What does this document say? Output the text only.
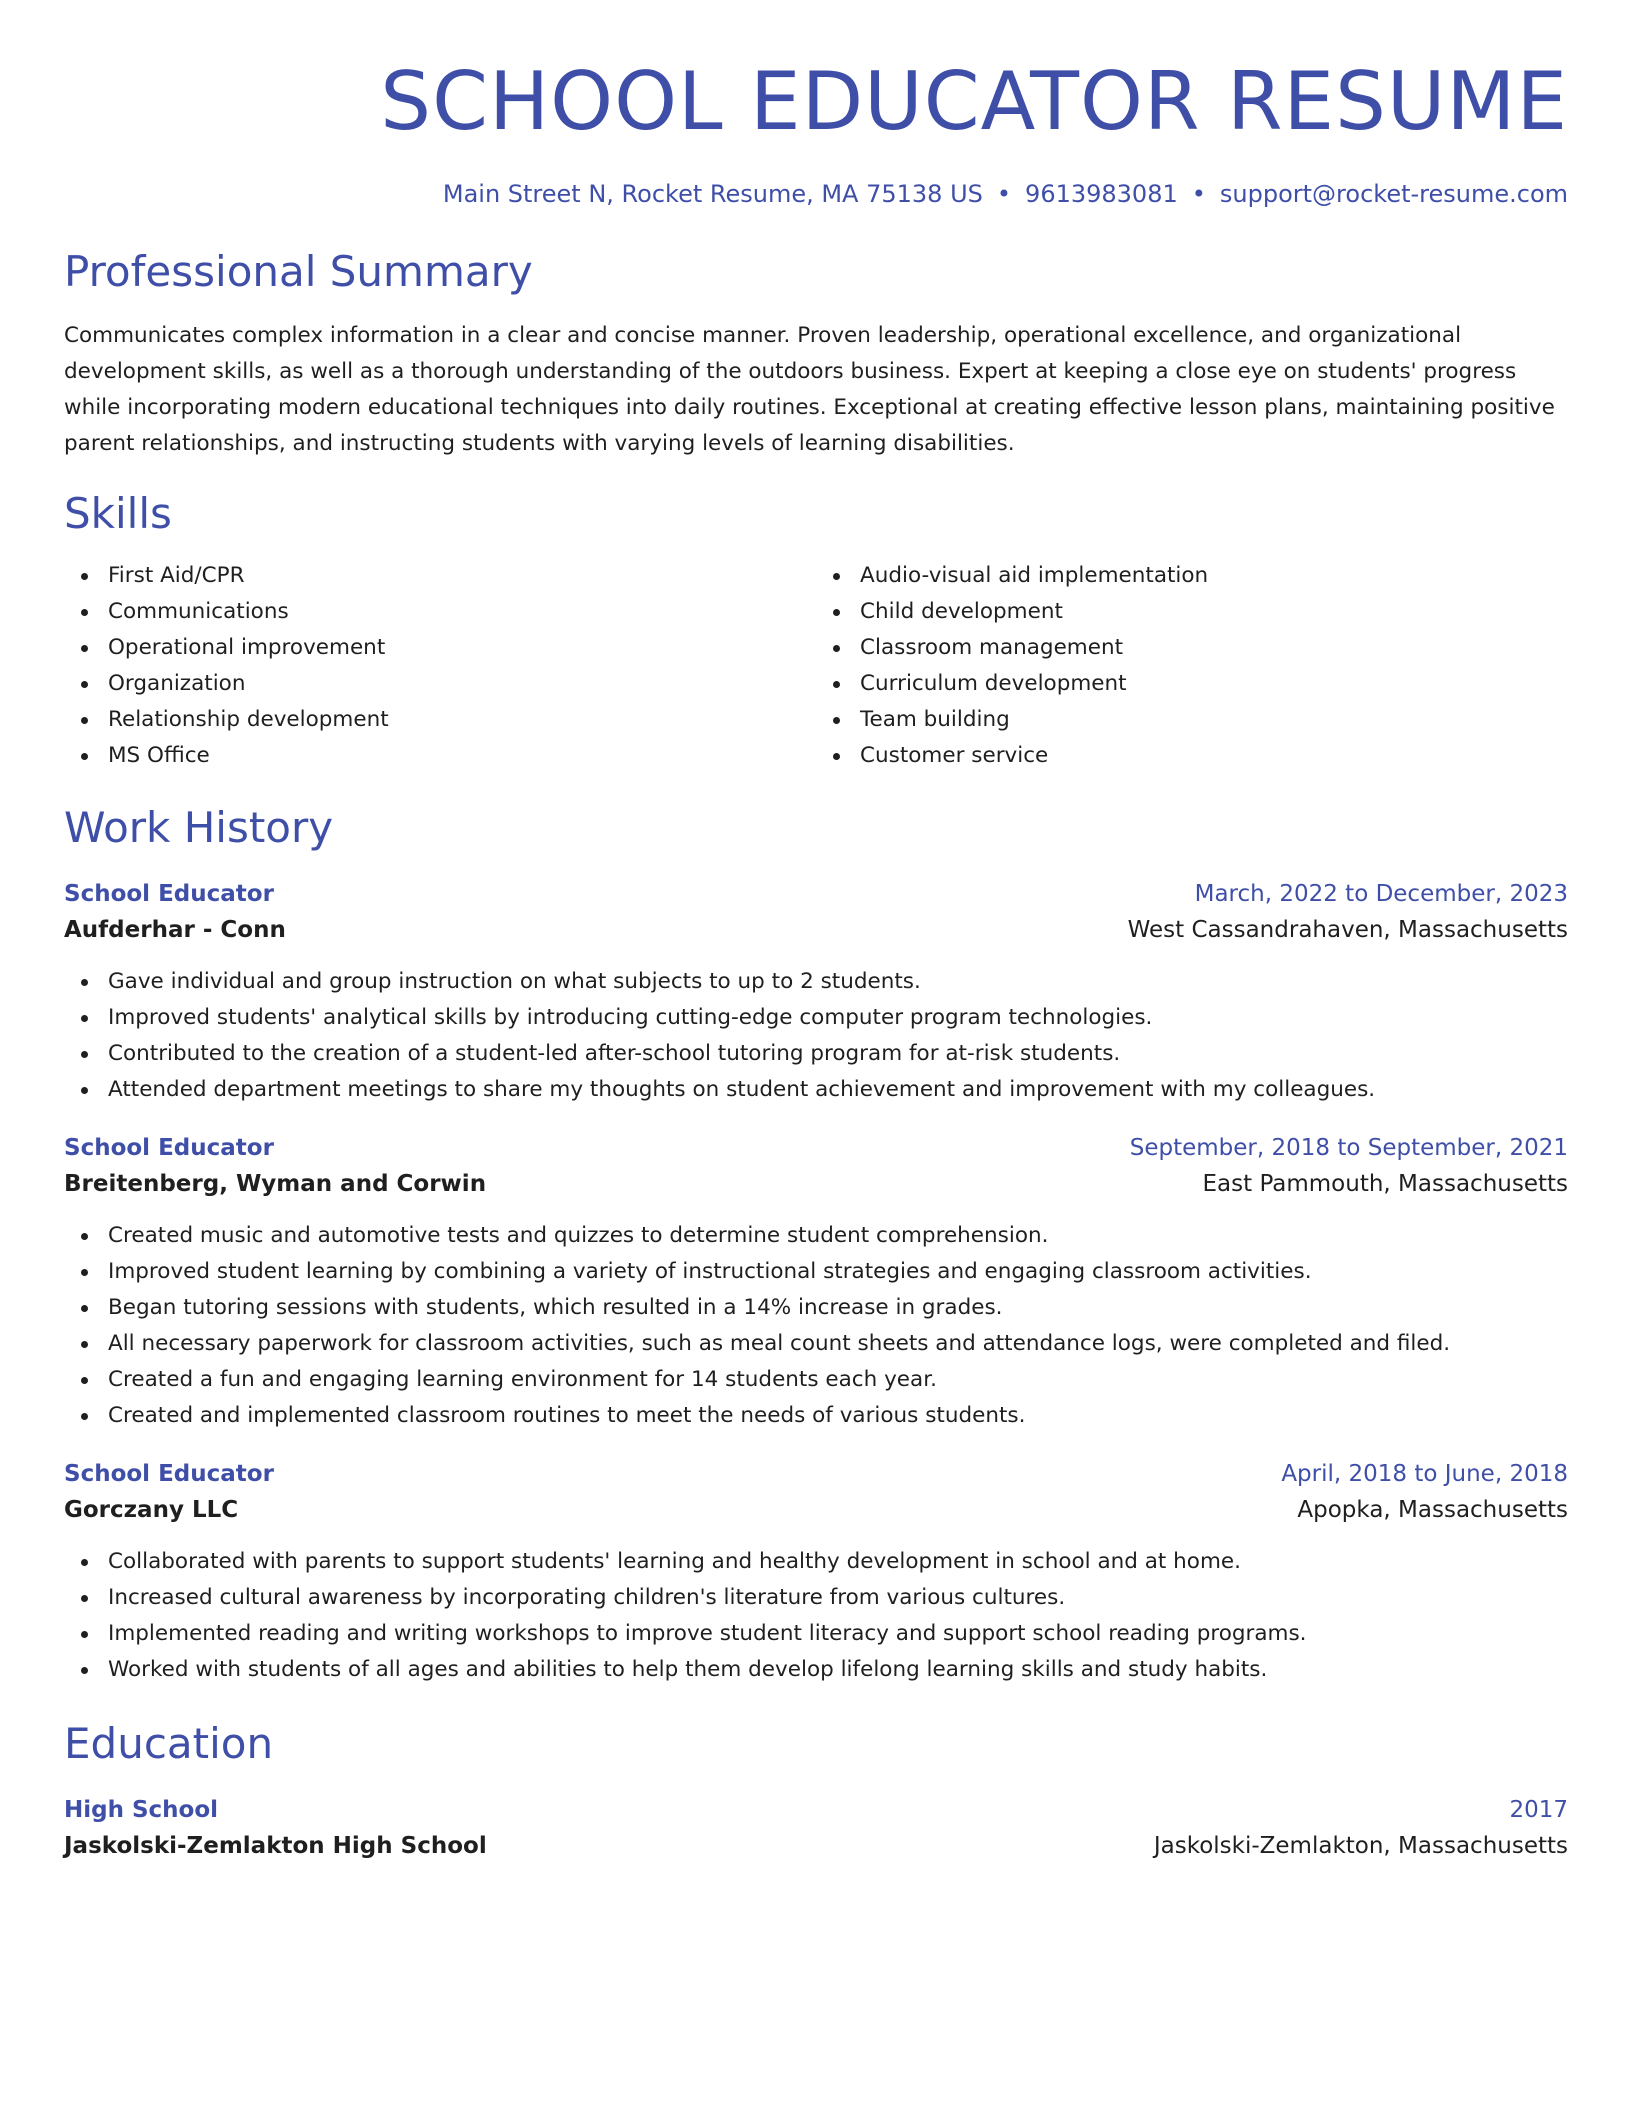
SCHOOL EDUCATOR RESUME
Main Street N, Rocket Resume, MA 75138 US • 9613983081 • support@rocket-resume.com
Professional Summary
Communicates complex information in a clear and concise manner. Proven leadership, operational excellence, and organizational development skills, as well as a thorough understanding of the outdoors business. Expert at keeping a close eye on students' progress while incorporating modern educational techniques into daily routines. Exceptional at creating effective lesson plans, maintaining positive parent relationships, and instructing students with varying levels of learning disabilities.
Skills
First Aid/CPR
Communications
Operational improvement
Organization
Relationship development
MS Office
Audio-visual aid implementation
Child development
Classroom management
Curriculum development
Team building
Customer service
Work History
School Educator	March, 2022 to December, 2023
Aufderhar - Conn	West Cassandrahaven, Massachusetts
Gave individual and group instruction on what subjects to up to 2 students.
Improved students' analytical skills by introducing cutting-edge computer program technologies.
Contributed to the creation of a student-led after-school tutoring program for at-risk students.
Attended department meetings to share my thoughts on student achievement and improvement with my colleagues.
School Educator	September, 2018 to September, 2021
Breitenberg, Wyman and Corwin	East Pammouth, Massachusetts
Created music and automotive tests and quizzes to determine student comprehension.
Improved student learning by combining a variety of instructional strategies and engaging classroom activities.
Began tutoring sessions with students, which resulted in a 14% increase in grades.
All necessary paperwork for classroom activities, such as meal count sheets and attendance logs, were completed and filed.
Created a fun and engaging learning environment for 14 students each year.
Created and implemented classroom routines to meet the needs of various students.
School Educator	April, 2018 to June, 2018
Gorczany LLC	Apopka, Massachusetts
Collaborated with parents to support students' learning and healthy development in school and at home.
Increased cultural awareness by incorporating children's literature from various cultures.
Implemented reading and writing workshops to improve student literacy and support school reading programs.
Worked with students of all ages and abilities to help them develop lifelong learning skills and study habits.
Education
High School	2017
Jaskolski-Zemlakton High School	Jaskolski-Zemlakton, Massachusetts
